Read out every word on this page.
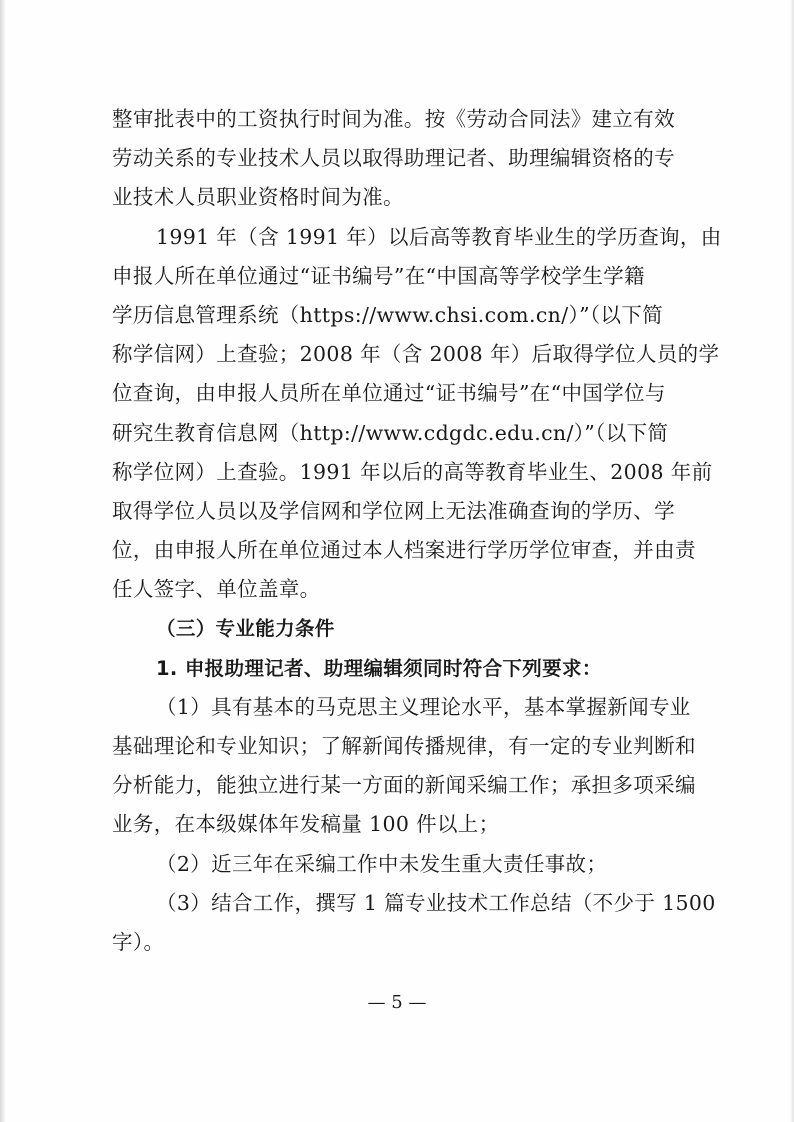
整审批表中的工资执行时间为准。按《劳动合同法》建立有效
劳动关系的专业技术人员以取得助理记者、助理编辑资格的专
业技术人员职业资格时间为准。
1991 年（含 1991 年）以后高等教育毕业生的学历查询，由
申报人所在单位通过“证书编号”在“中国高等学校学生学籍
学历信息管理系统（https://www.chsi.com.cn/）”（以下简
称学信网）上查验；2008 年（含 2008 年）后取得学位人员的学
位查询，由申报人员所在单位通过“证书编号”在“中国学位与
研究生教育信息网（http://www.cdgdc.edu.cn/）”（以下简
称学位网）上查验。1991 年以后的高等教育毕业生、2008 年前
取得学位人员以及学信网和学位网上无法准确查询的学历、学
位，由申报人所在单位通过本人档案进行学历学位审查，并由责
任人签字、单位盖章。
（三）专业能力条件
1. 申报助理记者、助理编辑须同时符合下列要求：
（1）具有基本的马克思主义理论水平，基本掌握新闻专业
基础理论和专业知识；了解新闻传播规律，有一定的专业判断和
分析能力，能独立进行某一方面的新闻采编工作；承担多项采编
业务，在本级媒体年发稿量 100 件以上；
（2）近三年在采编工作中未发生重大责任事故；
（3）结合工作，撰写 1 篇专业技术工作总结（不少于 1500
字）。
— 5 —
